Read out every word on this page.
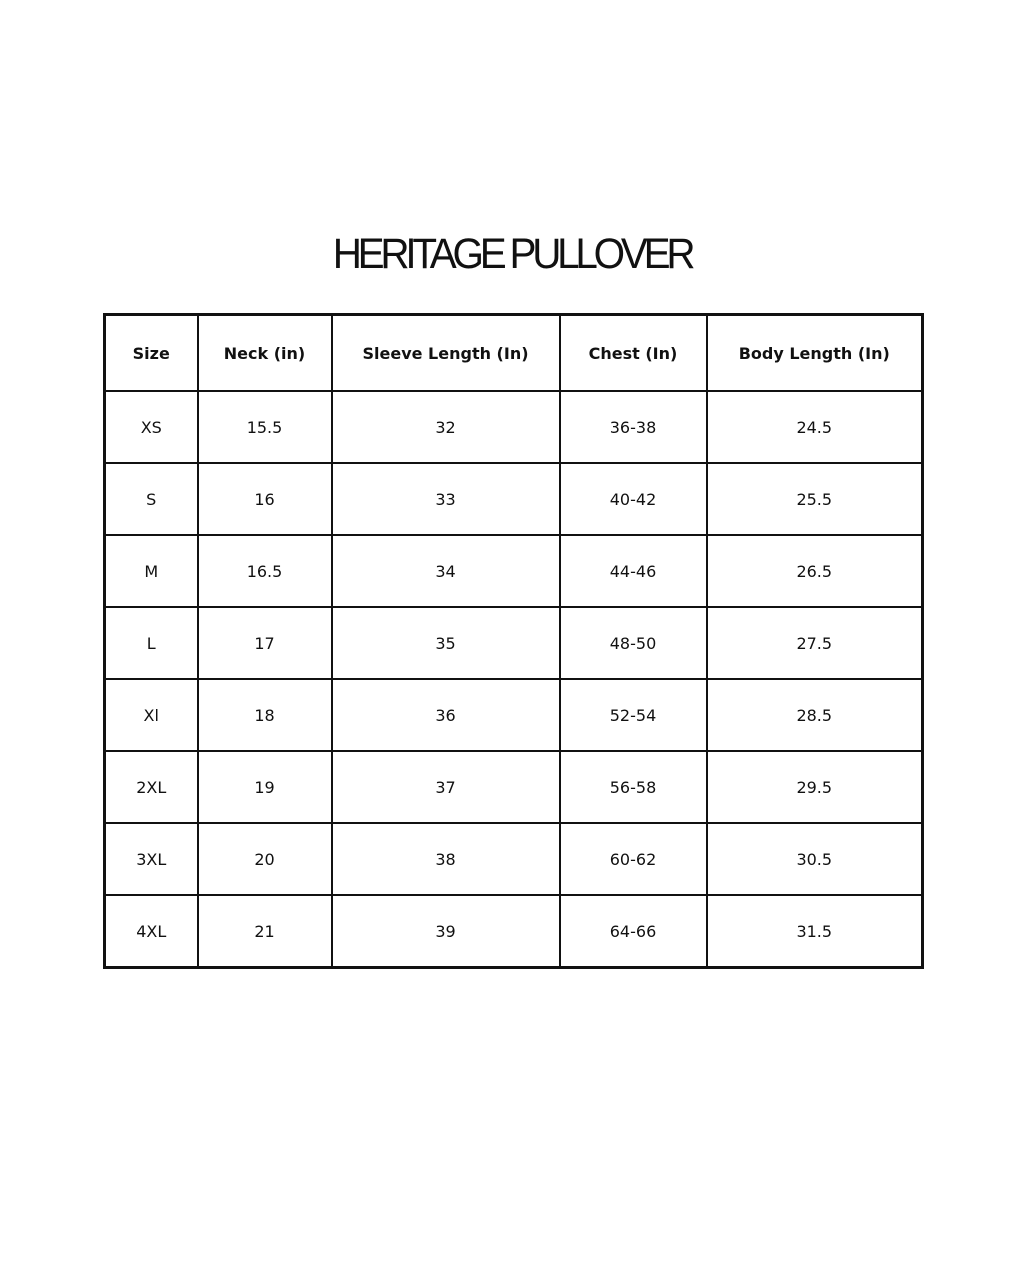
HERITAGE PULLOVER
Size	Neck (in)	Sleeve Length (In)	Chest (In)	Body Length (In)
XS	15.5	32	36-38	24.5
S	16	33	40-42	25.5
M	16.5	34	44-46	26.5
L	17	35	48-50	27.5
Xl	18	36	52-54	28.5
2XL	19	37	56-58	29.5
3XL	20	38	60-62	30.5
4XL	21	39	64-66	31.5
